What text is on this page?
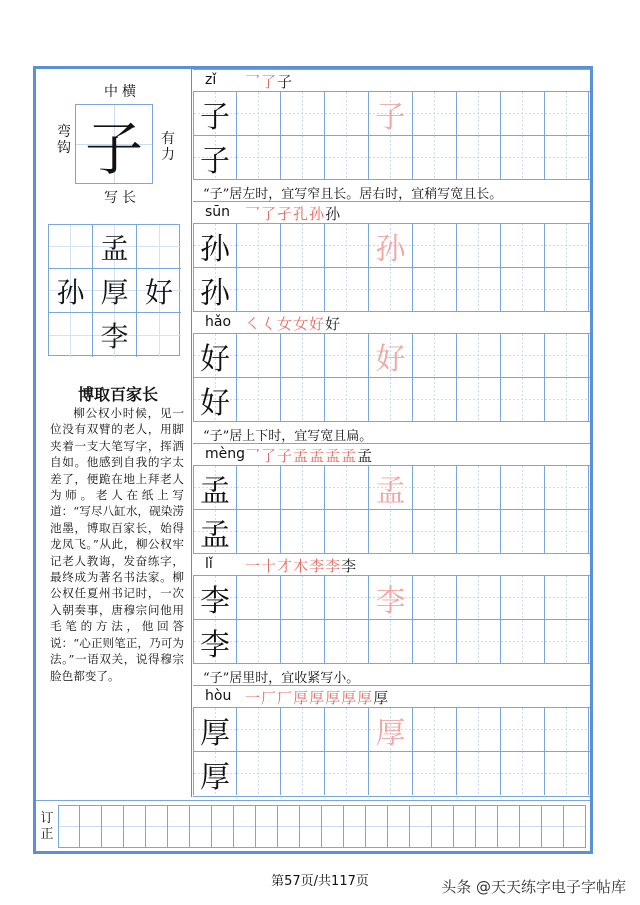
中横
写长
弯钩
有力
子
孟
孙 厚 好
李
博取百家长
柳公权小时候，见一位没有双臂的老人，用脚夹着一支大笔写字，挥洒自如。他感到自我的字太差了，便跪在地上拜老人为师。老人在纸上写道：“写尽八缸水，砚染涝池墨，博取百家长，始得龙凤飞。”从此，柳公权牢记老人教诲，发奋练字，最终成为著名书法家。柳公权任夏州书记时，一次入朝奏事，唐穆宗问他用毛笔的方法，他回答说：“心正则笔正，乃可为法。”一语双关，说得穆宗脸色都变了。
zǐ 乛了子
子	子
子
“子”居左时，宜写窄且长。居右时，宜稍写宽且长。
sūn 乛了孑孔孙孙
孙	孙
孙
hǎo ㇛𡿨女女好好
好	好
好
“子”居上下时，宜写宽且扁。
mèng 乛了子孟孟孟孟孟
孟	孟
孟
lǐ 一十才木李李李
李	李
李
“子”居里时，宜收紧写小。
hòu 一厂厂厚厚厚厚厚厚
厚	厚
厚
订正
第57页/共117页	头条 @天天练字电子字帖库
